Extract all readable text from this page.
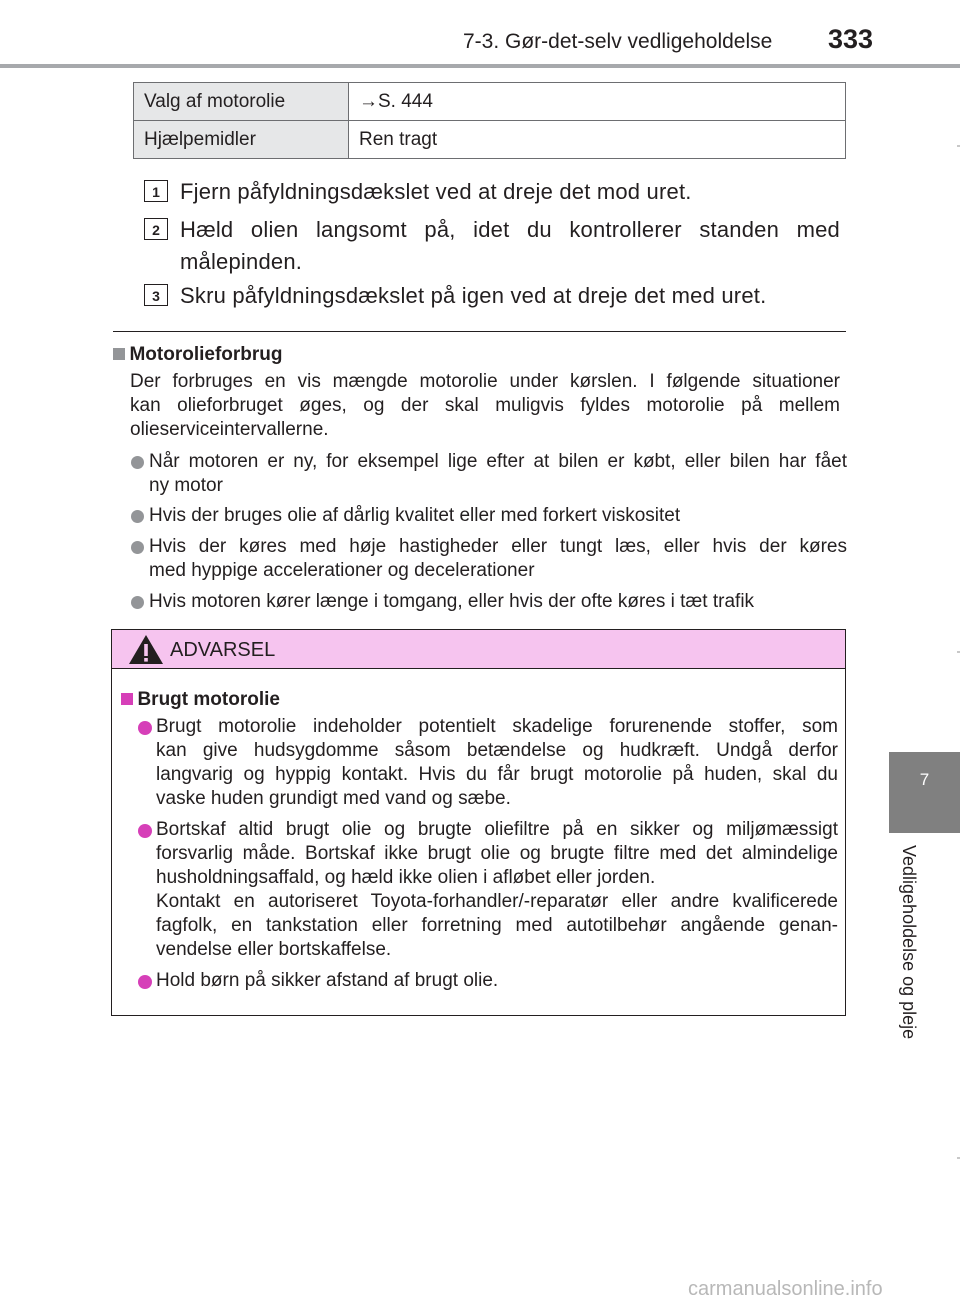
7-3. Gør-det-selv vedligeholdelse 333
7
Vedligeholdelse og pleje
Valg af motorolie	→S. 444
Hjælpemidler	Ren tragt
1 Fjern påfyldningsdækslet ved at dreje det mod uret.
2 Hæld olien langsomt på, idet du kontrollerer standen med
målepinden.
3 Skru påfyldningsdækslet på igen ved at dreje det med uret.
Motorolieforbrug
Der forbruges en vis mængde motorolie under kørslen. I følgende situationer
kan olieforbruget øges, og der skal muligvis fyldes motorolie på mellem
olieserviceintervallerne.
Når motoren er ny, for eksempel lige efter at bilen er købt, eller bilen har fået
ny motor
Hvis der bruges olie af dårlig kvalitet eller med forkert viskositet
Hvis der køres med høje hastigheder eller tungt læs, eller hvis der køres
med hyppige accelerationer og decelerationer
Hvis motoren kører længe i tomgang, eller hvis der ofte køres i tæt trafik
ADVARSEL
Brugt motorolie
Brugt motorolie indeholder potentielt skadelige forurenende stoffer, som
kan give hudsygdomme såsom betændelse og hudkræft. Undgå derfor
langvarig og hyppig kontakt. Hvis du får brugt motorolie på huden, skal du
vaske huden grundigt med vand og sæbe.
Bortskaf altid brugt olie og brugte oliefiltre på en sikker og miljømæssigt
forsvarlig måde. Bortskaf ikke brugt olie og brugte filtre med det almindelige
husholdningsaffald, og hæld ikke olien i afløbet eller jorden.
Kontakt en autoriseret Toyota-forhandler/-reparatør eller andre kvalificerede
fagfolk, en tankstation eller forretning med autotilbehør angående genan-
vendelse eller bortskaffelse.
Hold børn på sikker afstand af brugt olie.
carmanualsonline.info
